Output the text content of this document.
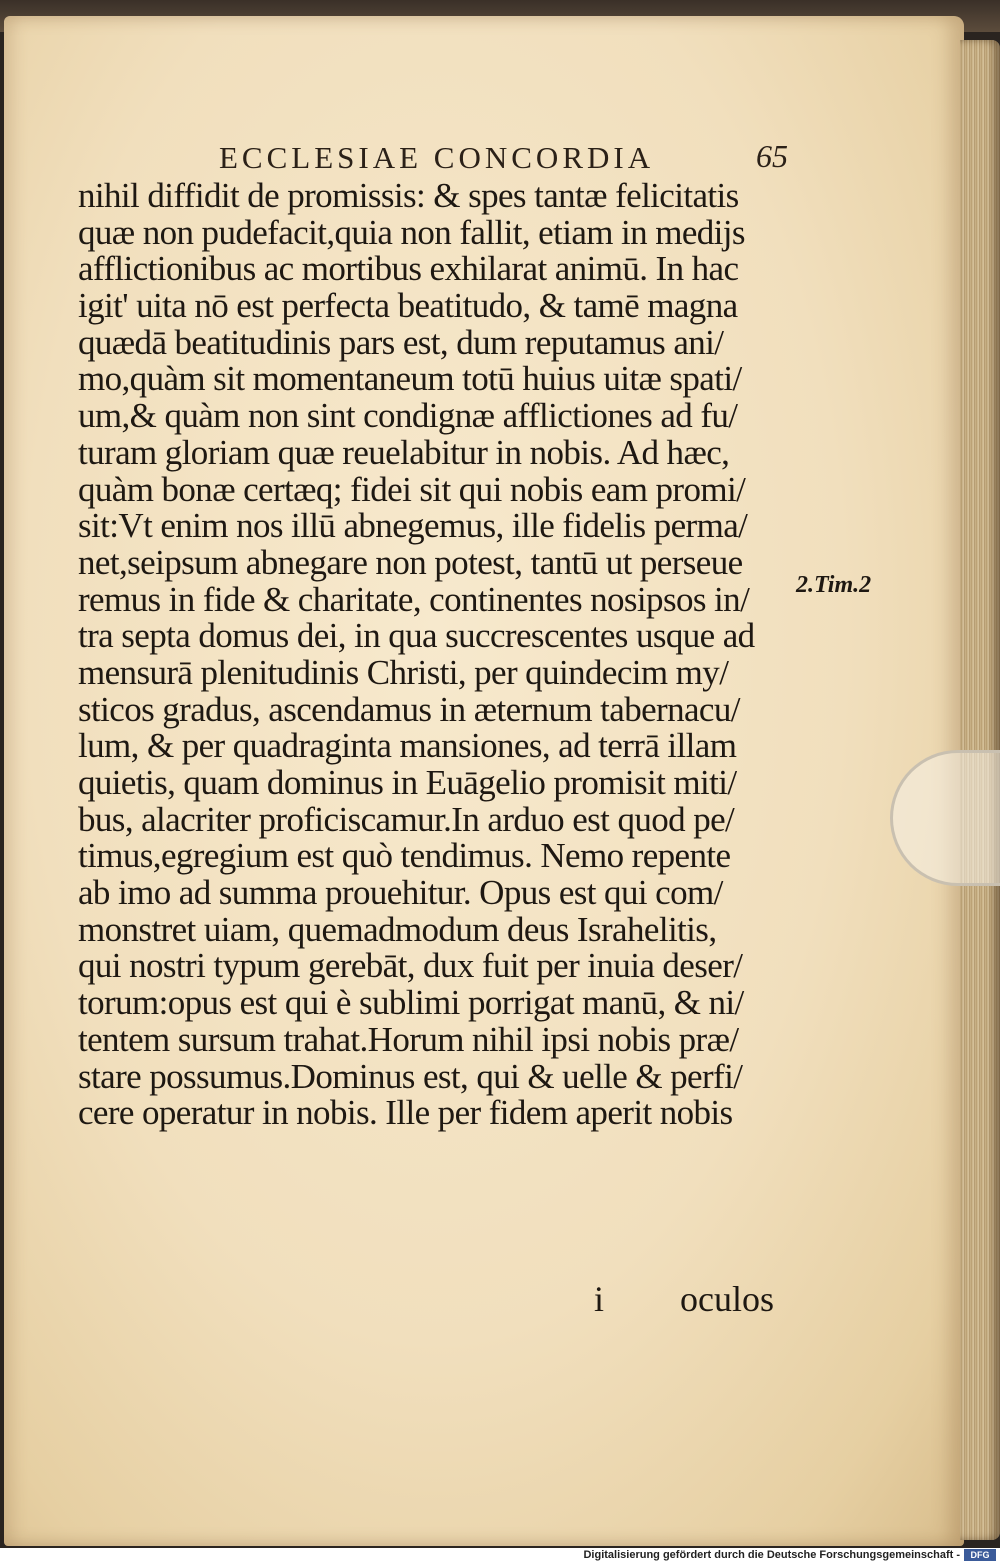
ECCLESIAE CONCORDIA	65
nihil diffidit de promissis: & spes tantæ felicitatis
quæ non pudefacit,quia non fallit, etiam in medijs
afflictionibus ac mortibus exhilarat animū. In hac
igit' uita nō est perfecta beatitudo, & tamē magna
quædā beatitudinis pars est, dum reputamus ani/
mo,quàm sit momentaneum totū huius uitæ spati/
um,& quàm non sint condignæ afflictiones ad fu/
turam gloriam quæ reuelabitur in nobis. Ad hæc,
quàm bonæ certæq; fidei sit qui nobis eam promi/
sit:Vt enim nos illū abnegemus, ille fidelis perma/
net,seipsum abnegare non potest, tantū ut perseue
remus in fide & charitate, continentes nosipsos in/
tra septa domus dei, in qua succrescentes usque ad
mensurā plenitudinis Christi, per quindecim my/
sticos gradus, ascendamus in æternum tabernacu/
lum, & per quadraginta mansiones, ad terrā illam
quietis, quam dominus in Euāgelio promisit miti/
bus, alacriter proficiscamur.In arduo est quod pe/
timus,egregium est quò tendimus. Nemo repente
ab imo ad summa prouehitur. Opus est qui com/
monstret uiam, quemadmodum deus Israhelitis,
qui nostri typum gerebāt, dux fuit per inuia deser/
torum:opus est qui è sublimi porrigat manū, & ni/
tentem sursum trahat.Horum nihil ipsi nobis præ/
stare possumus.Dominus est, qui & uelle & perfi/
cere operatur in nobis. Ille per fidem aperit nobis
2.Tim.2
i oculos
Digitalisierung gefördert durch die Deutsche Forschungsgemeinschaft -	DFG
